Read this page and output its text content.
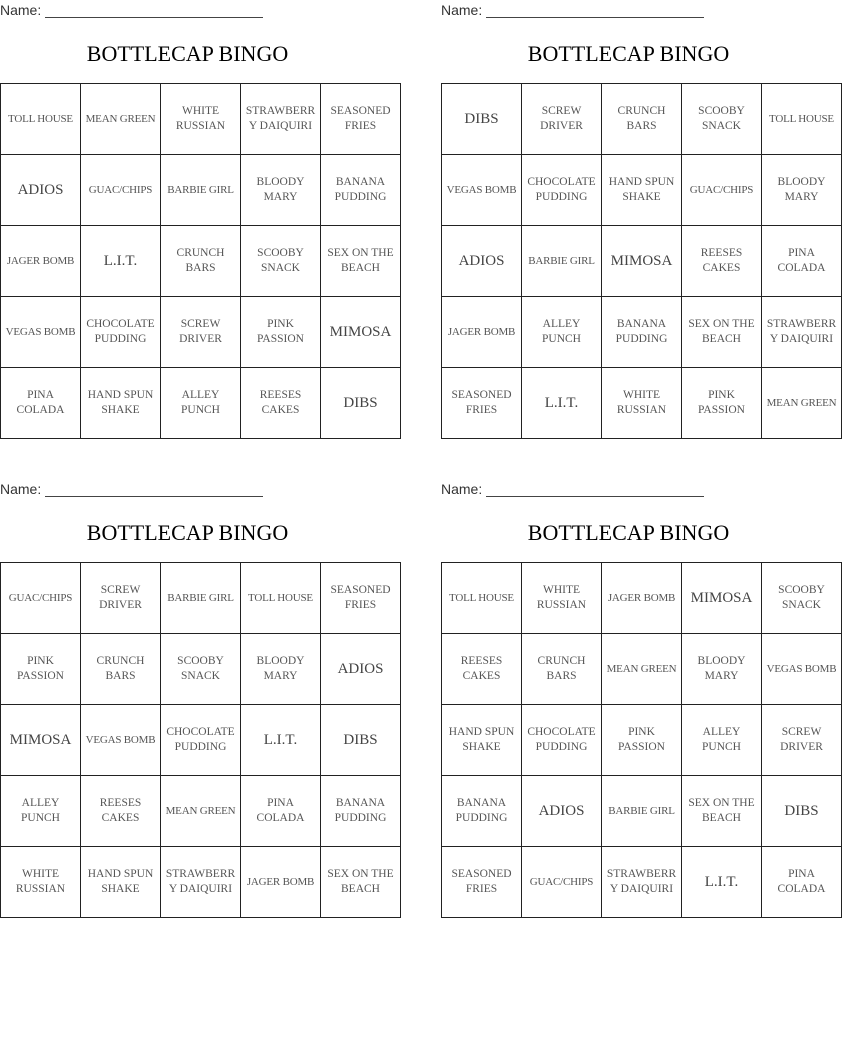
Name:
BOTTLECAP BINGO
TOLL HOUSE	MEAN GREEN	WHITE RUSSIAN	STRAWBERRY DAIQUIRI	SEASONED FRIES
ADIOS	GUAC/CHIPS	BARBIE GIRL	BLOODY MARY	BANANA PUDDING
JAGER BOMB	L.I.T.	CRUNCH BARS	SCOOBY SNACK	SEX ON THE BEACH
VEGAS BOMB	CHOCOLATE PUDDING	SCREW DRIVER	PINK PASSION	MIMOSA
PINA COLADA	HAND SPUN SHAKE	ALLEY PUNCH	REESES CAKES	DIBS
Name:
BOTTLECAP BINGO
DIBS	SCREW DRIVER	CRUNCH BARS	SCOOBY SNACK	TOLL HOUSE
VEGAS BOMB	CHOCOLATE PUDDING	HAND SPUN SHAKE	GUAC/CHIPS	BLOODY MARY
ADIOS	BARBIE GIRL	MIMOSA	REESES CAKES	PINA COLADA
JAGER BOMB	ALLEY PUNCH	BANANA PUDDING	SEX ON THE BEACH	STRAWBERRY DAIQUIRI
SEASONED FRIES	L.I.T.	WHITE RUSSIAN	PINK PASSION	MEAN GREEN
Name:
BOTTLECAP BINGO
GUAC/CHIPS	SCREW DRIVER	BARBIE GIRL	TOLL HOUSE	SEASONED FRIES
PINK PASSION	CRUNCH BARS	SCOOBY SNACK	BLOODY MARY	ADIOS
MIMOSA	VEGAS BOMB	CHOCOLATE PUDDING	L.I.T.	DIBS
ALLEY PUNCH	REESES CAKES	MEAN GREEN	PINA COLADA	BANANA PUDDING
WHITE RUSSIAN	HAND SPUN SHAKE	STRAWBERRY DAIQUIRI	JAGER BOMB	SEX ON THE BEACH
Name:
BOTTLECAP BINGO
TOLL HOUSE	WHITE RUSSIAN	JAGER BOMB	MIMOSA	SCOOBY SNACK
REESES CAKES	CRUNCH BARS	MEAN GREEN	BLOODY MARY	VEGAS BOMB
HAND SPUN SHAKE	CHOCOLATE PUDDING	PINK PASSION	ALLEY PUNCH	SCREW DRIVER
BANANA PUDDING	ADIOS	BARBIE GIRL	SEX ON THE BEACH	DIBS
SEASONED FRIES	GUAC/CHIPS	STRAWBERRY DAIQUIRI	L.I.T.	PINA COLADA
